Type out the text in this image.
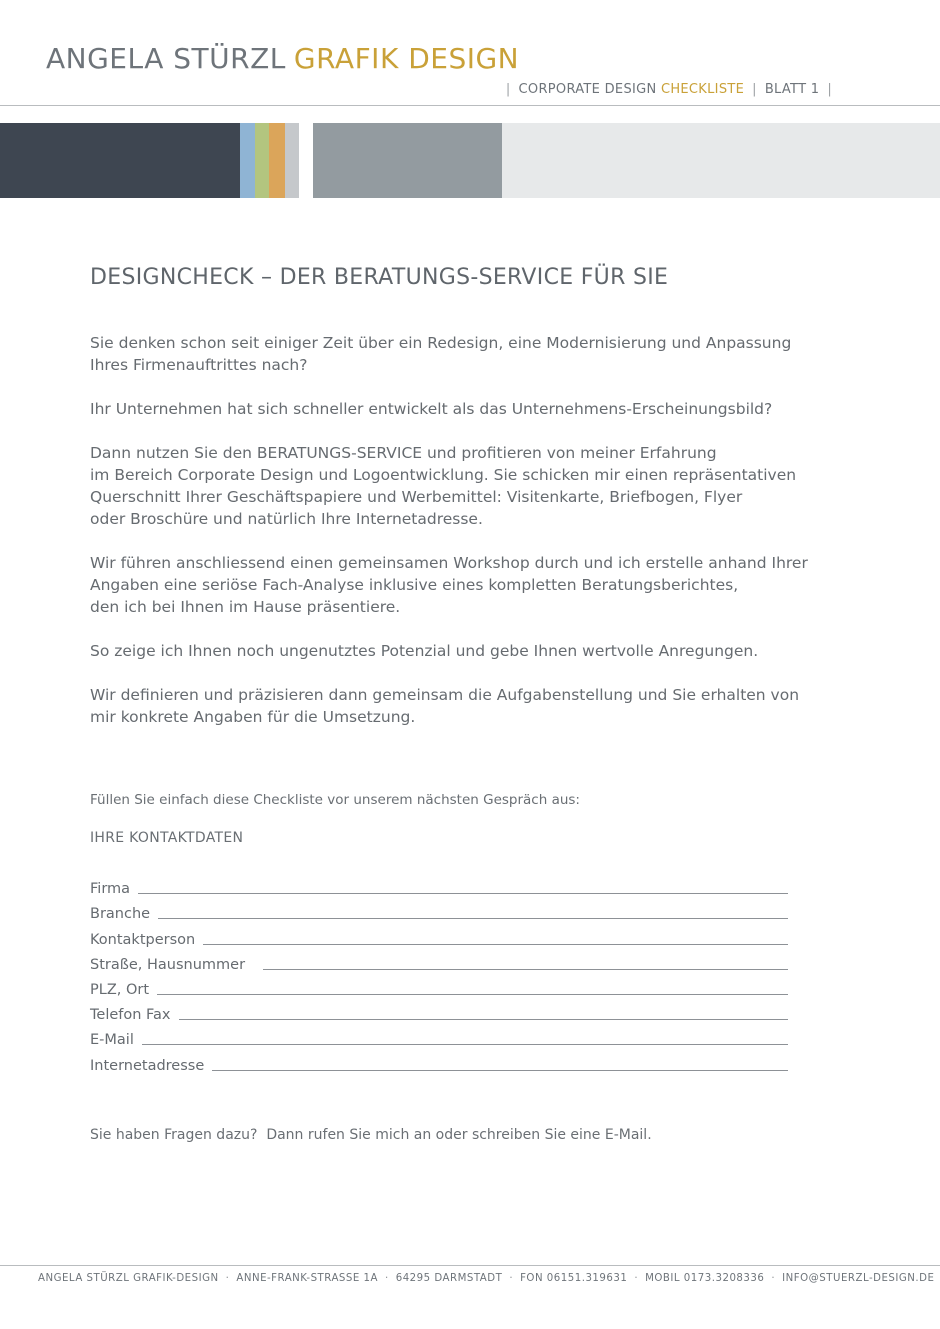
ANGELA STÜRZL GRAFIK DESIGN
| CORPORATE DESIGN CHECKLISTE | BLATT 1 |
DESIGNCHECK – DER BERATUNGS-SERVICE FÜR SIE

Sie denken schon seit einiger Zeit über ein Redesign, eine Modernisierung und Anpassung
Ihres Firmenauftrittes nach?

Ihr Unternehmen hat sich schneller entwickelt als das Unternehmens-Erscheinungsbild?

Dann nutzen Sie den BERATUNGS-SERVICE und profitieren von meiner Erfahrung
im Bereich Corporate Design und Logoentwicklung. Sie schicken mir einen repräsentativen
Querschnitt Ihrer Geschäftspapiere und Werbemittel: Visitenkarte, Briefbogen, Flyer
oder Broschüre und natürlich Ihre Internetadresse.

Wir führen anschliessend einen gemeinsamen Workshop durch und ich erstelle anhand Ihrer
Angaben eine seriöse Fach-Analyse inklusive eines kompletten Beratungsberichtes,
den ich bei Ihnen im Hause präsentiere.

So zeige ich Ihnen noch ungenutztes Potenzial und gebe Ihnen wertvolle Anregungen.

Wir definieren und präzisieren dann gemeinsam die Aufgabenstellung und Sie erhalten von
mir konkrete Angaben für die Umsetzung.

Füllen Sie einfach diese Checkliste vor unserem nächsten Gespräch aus:
IHRE KONTAKTDATEN
Firma
Branche
Kontaktperson
Straße, Hausnummer
PLZ, Ort
Telefon Fax
E-Mail
Internetadresse
Sie haben Fragen dazu?  Dann rufen Sie mich an oder schreiben Sie eine E-Mail.
ANGELA STÜRZL GRAFIK-DESIGN · ANNE-FRANK-STRASSE 1A · 64295 DARMSTADT · FON 06151.319631 · MOBIL 0173.3208336 · INFO@STUERZL-DESIGN.DE
